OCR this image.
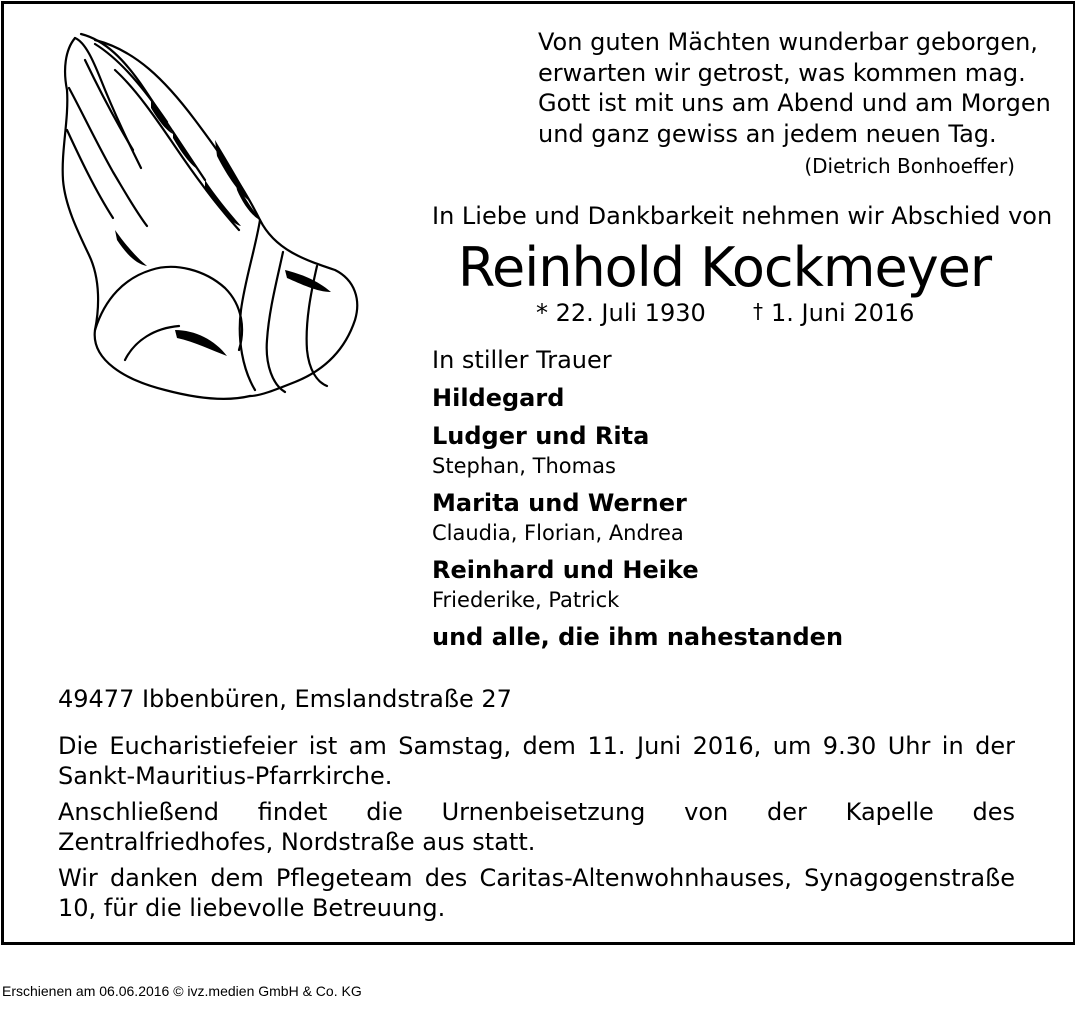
Von guten Mächten wunderbar geborgen,
erwarten wir getrost, was kommen mag.
Gott ist mit uns am Abend und am Morgen
und ganz gewiss an jedem neuen Tag.
(Dietrich Bonhoeffer)
In Liebe und Dankbarkeit nehmen wir Abschied von
Reinhold Kockmeyer
* 22. Juli 1930 † 1. Juni 2016
In stiller Trauer
Hildegard
Ludger und Rita
Stephan, Thomas
Marita und Werner
Claudia, Florian, Andrea
Reinhard und Heike
Friederike, Patrick
und alle, die ihm nahestanden
49477 Ibbenbüren, Emslandstraße 27
Die Eucharistiefeier ist am Samstag, dem 11. Juni 2016, um 9.30 Uhr in der Sankt-Mauritius-Pfarrkirche.
Anschließend findet die Urnenbeisetzung von der Kapelle des Zentralfriedhofes, Nordstraße aus statt.
Wir danken dem Pflegeteam des Caritas-Altenwohnhauses, Synagogenstraße 10, für die liebevolle Betreuung.
Erschienen am 06.06.2016 © ivz.medien GmbH & Co. KG
